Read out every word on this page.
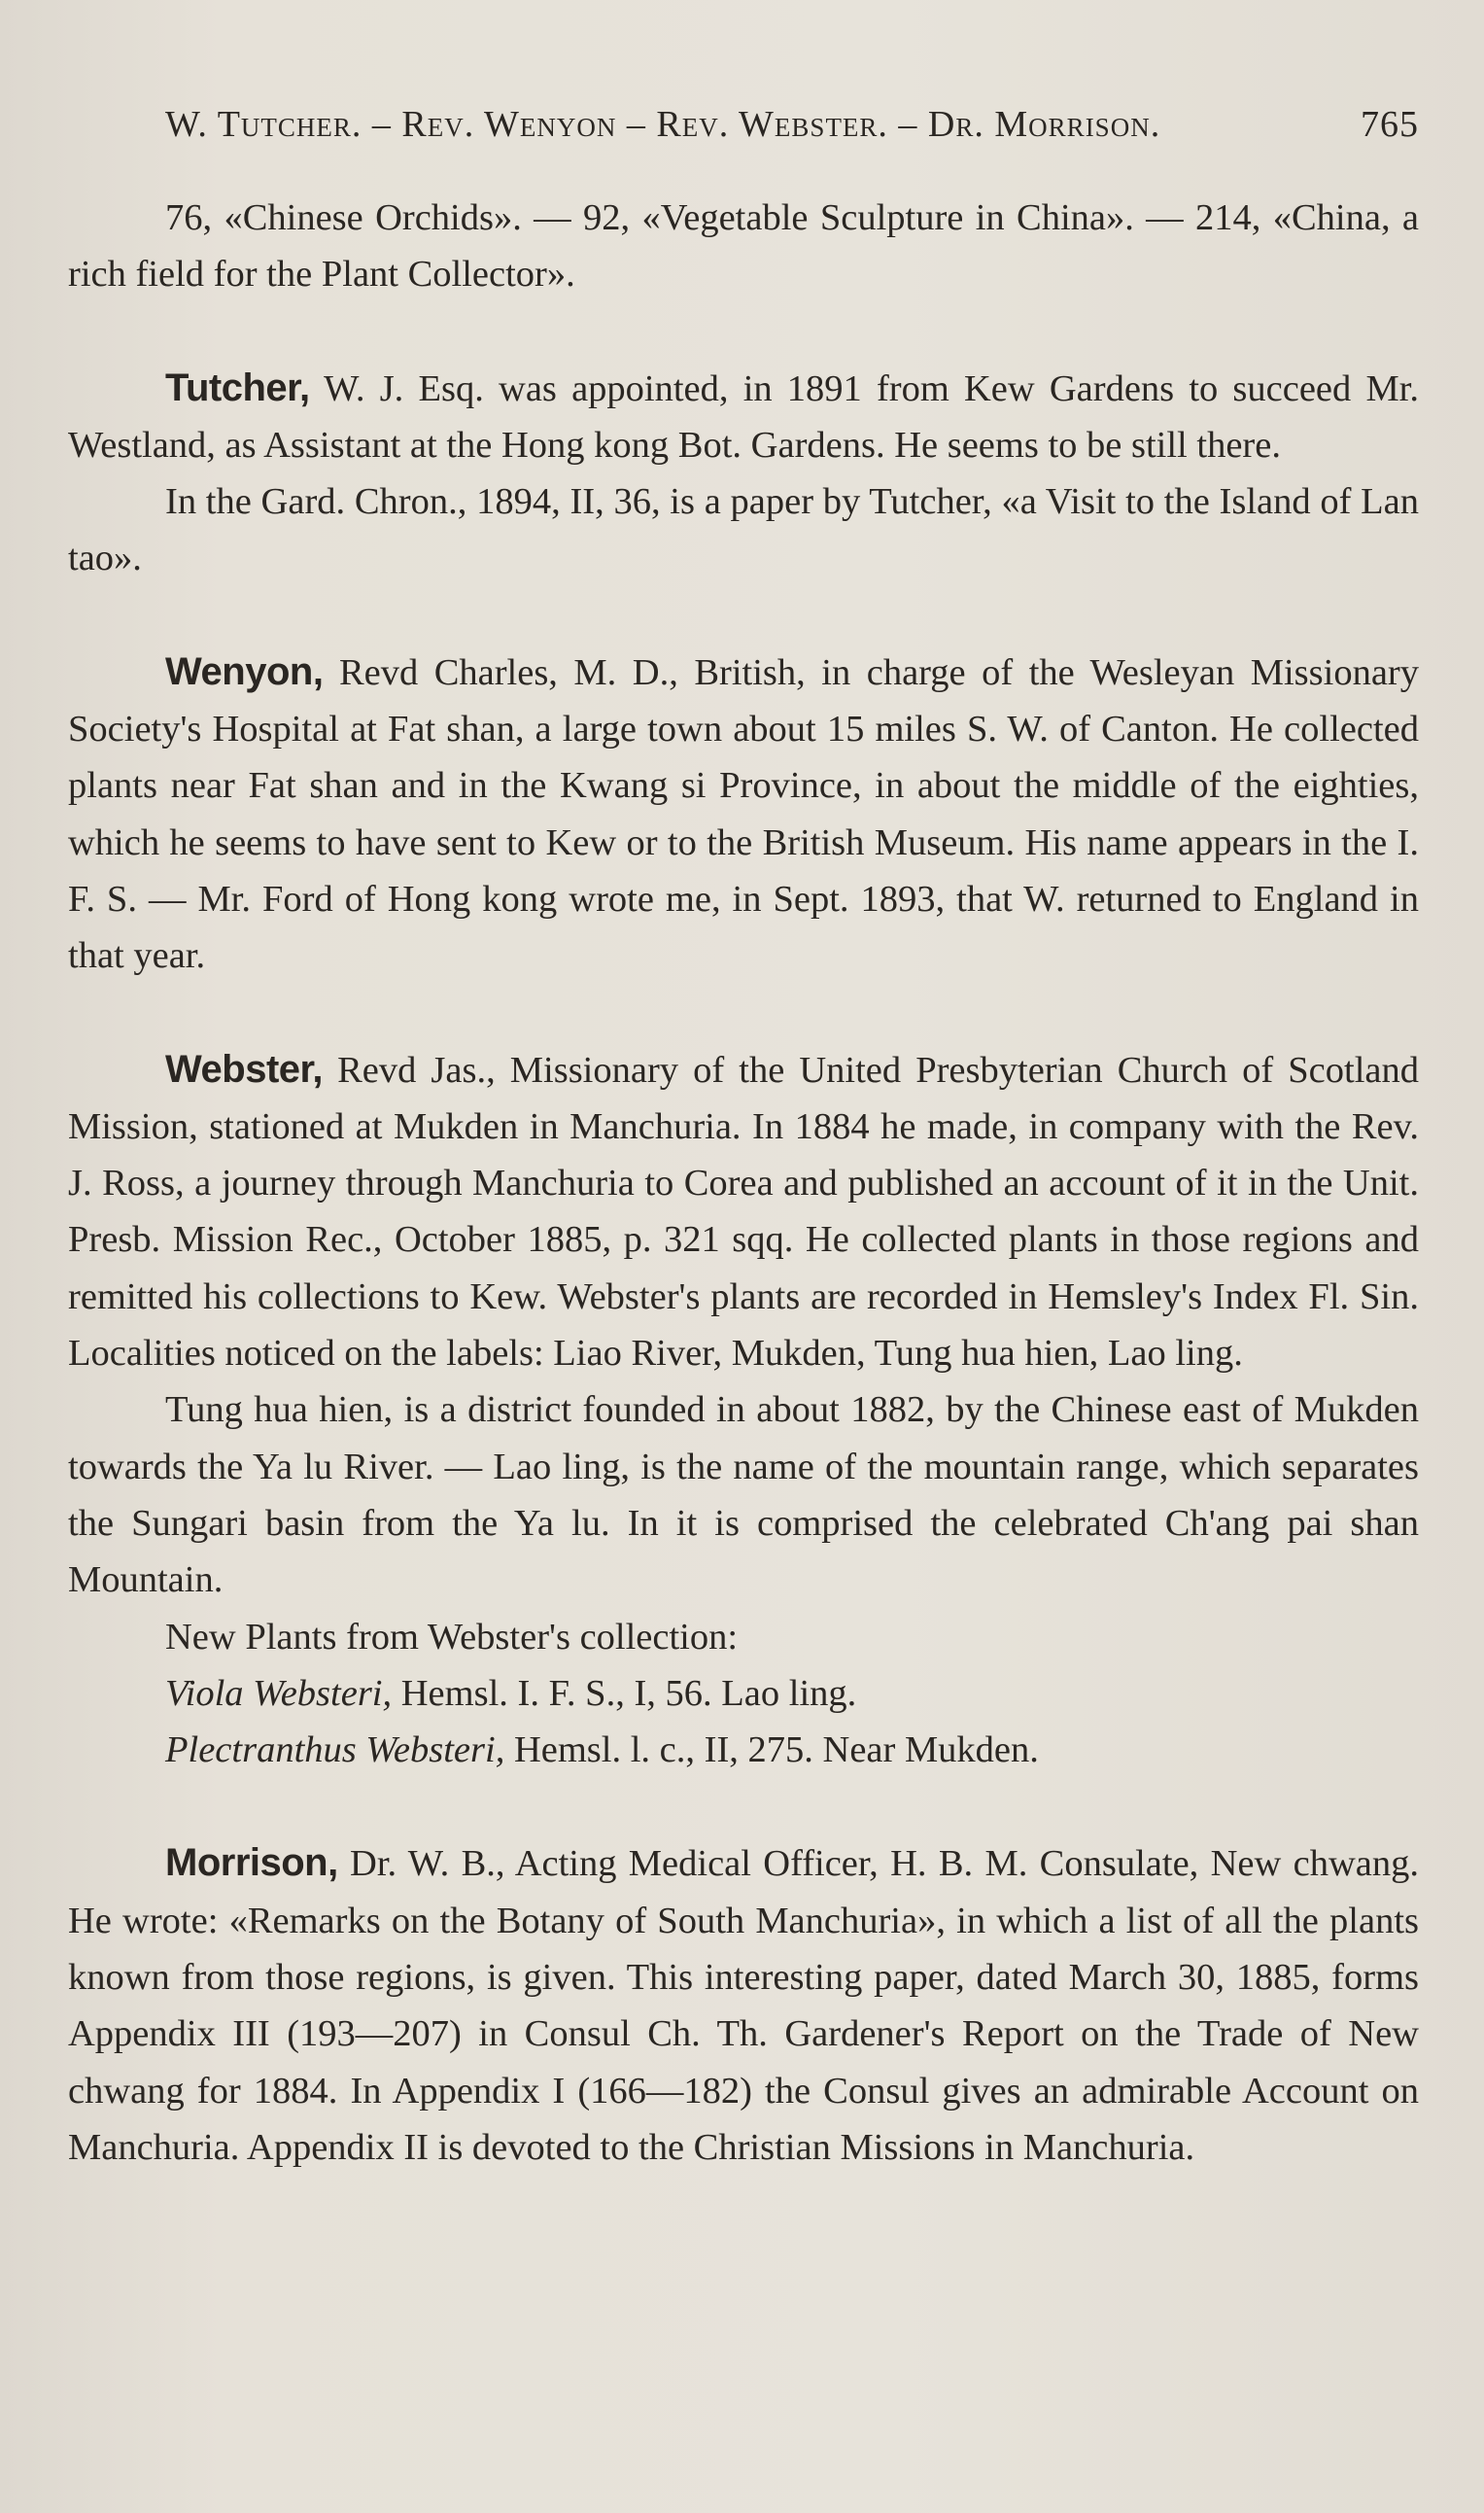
W. Tutcher. – Rev. Wenyon – Rev. Webster. – Dr. Morrison.	765

76, «Chinese Orchids». — 92, «Vegetable Sculpture in China». — 214, «China, a rich field for the Plant Collector».

Tutcher, W. J. Esq. was appointed, in 1891 from Kew Gardens to succeed Mr. Westland, as Assistant at the Hong kong Bot. Gardens. He seems to be still there.

In the Gard. Chron., 1894, II, 36, is a paper by Tutcher, «a Visit to the Island of Lan tao».

Wenyon, Revd Charles, M. D., British, in charge of the Wesleyan Missionary Society's Hospital at Fat shan, a large town about 15 miles S. W. of Canton. He collected plants near Fat shan and in the Kwang si Province, in about the middle of the eighties, which he seems to have sent to Kew or to the British Museum. His name appears in the I. F. S. — Mr. Ford of Hong kong wrote me, in Sept. 1893, that W. returned to England in that year.

Webster, Revd Jas., Missionary of the United Presbyterian Church of Scotland Mission, stationed at Mukden in Manchuria. In 1884 he made, in company with the Rev. J. Ross, a journey through Manchuria to Corea and published an account of it in the Unit. Presb. Mission Rec., October 1885, p. 321 sqq. He collected plants in those regions and remitted his collections to Kew. Webster's plants are recorded in Hemsley's Index Fl. Sin. Localities noticed on the labels: Liao River, Mukden, Tung hua hien, Lao ling.

Tung hua hien, is a district founded in about 1882, by the Chinese east of Mukden towards the Ya lu River. — Lao ling, is the name of the mountain range, which separates the Sungari basin from the Ya lu. In it is comprised the celebrated Ch'ang pai shan Mountain.

New Plants from Webster's collection:

Viola Websteri, Hemsl. I. F. S., I, 56. Lao ling.

Plectranthus Websteri, Hemsl. l. c., II, 275. Near Mukden.

Morrison, Dr. W. B., Acting Medical Officer, H. B. M. Consulate, New chwang. He wrote: «Remarks on the Botany of South Manchuria», in which a list of all the plants known from those regions, is given. This interesting paper, dated March 30, 1885, forms Appendix III (193—207) in Consul Ch. Th. Gardener's Report on the Trade of New chwang for 1884. In Appendix I (166—182) the Consul gives an admirable Account on Manchuria. Appendix II is devoted to the Christian Missions in Manchuria.
